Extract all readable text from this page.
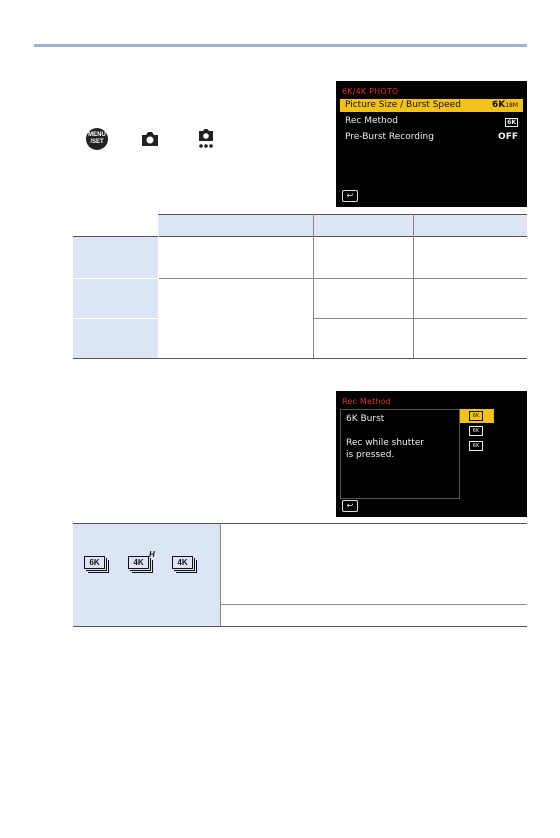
MENU
/SET
6K/4K PHOTO
Picture Size / Burst Speed	6K18M
Rec Method	6K
Pre-Burst Recording	OFF
↩
Rec Method
6K Burst
Rec while shutter
is pressed.
6K
6K
6K
↩
6K	4K
H
4K
